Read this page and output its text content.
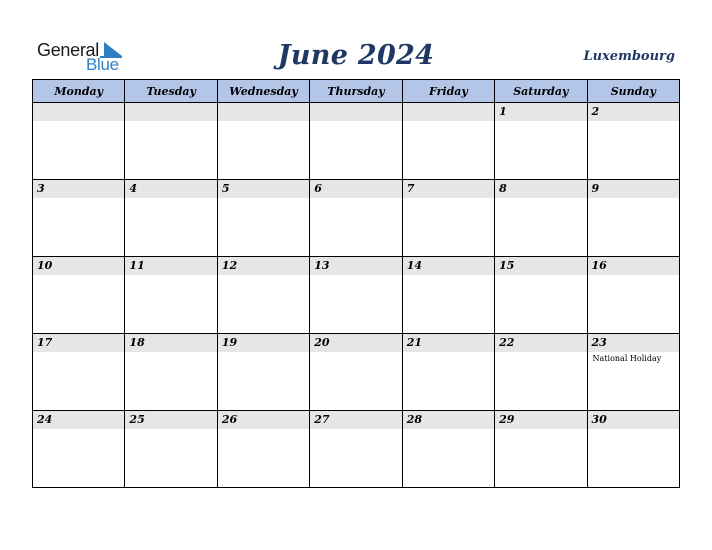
General
Blue	June 2024	Luxembourg
Monday	Tuesday	Wednesday	Thursday	Friday	Saturday	Sunday

					1	2

3	4	5	6	7	8	9

10	11	12	13	14	15	16

17	18	19	20	21	22	23
National Holiday

24	25	26	27	28	29	30
